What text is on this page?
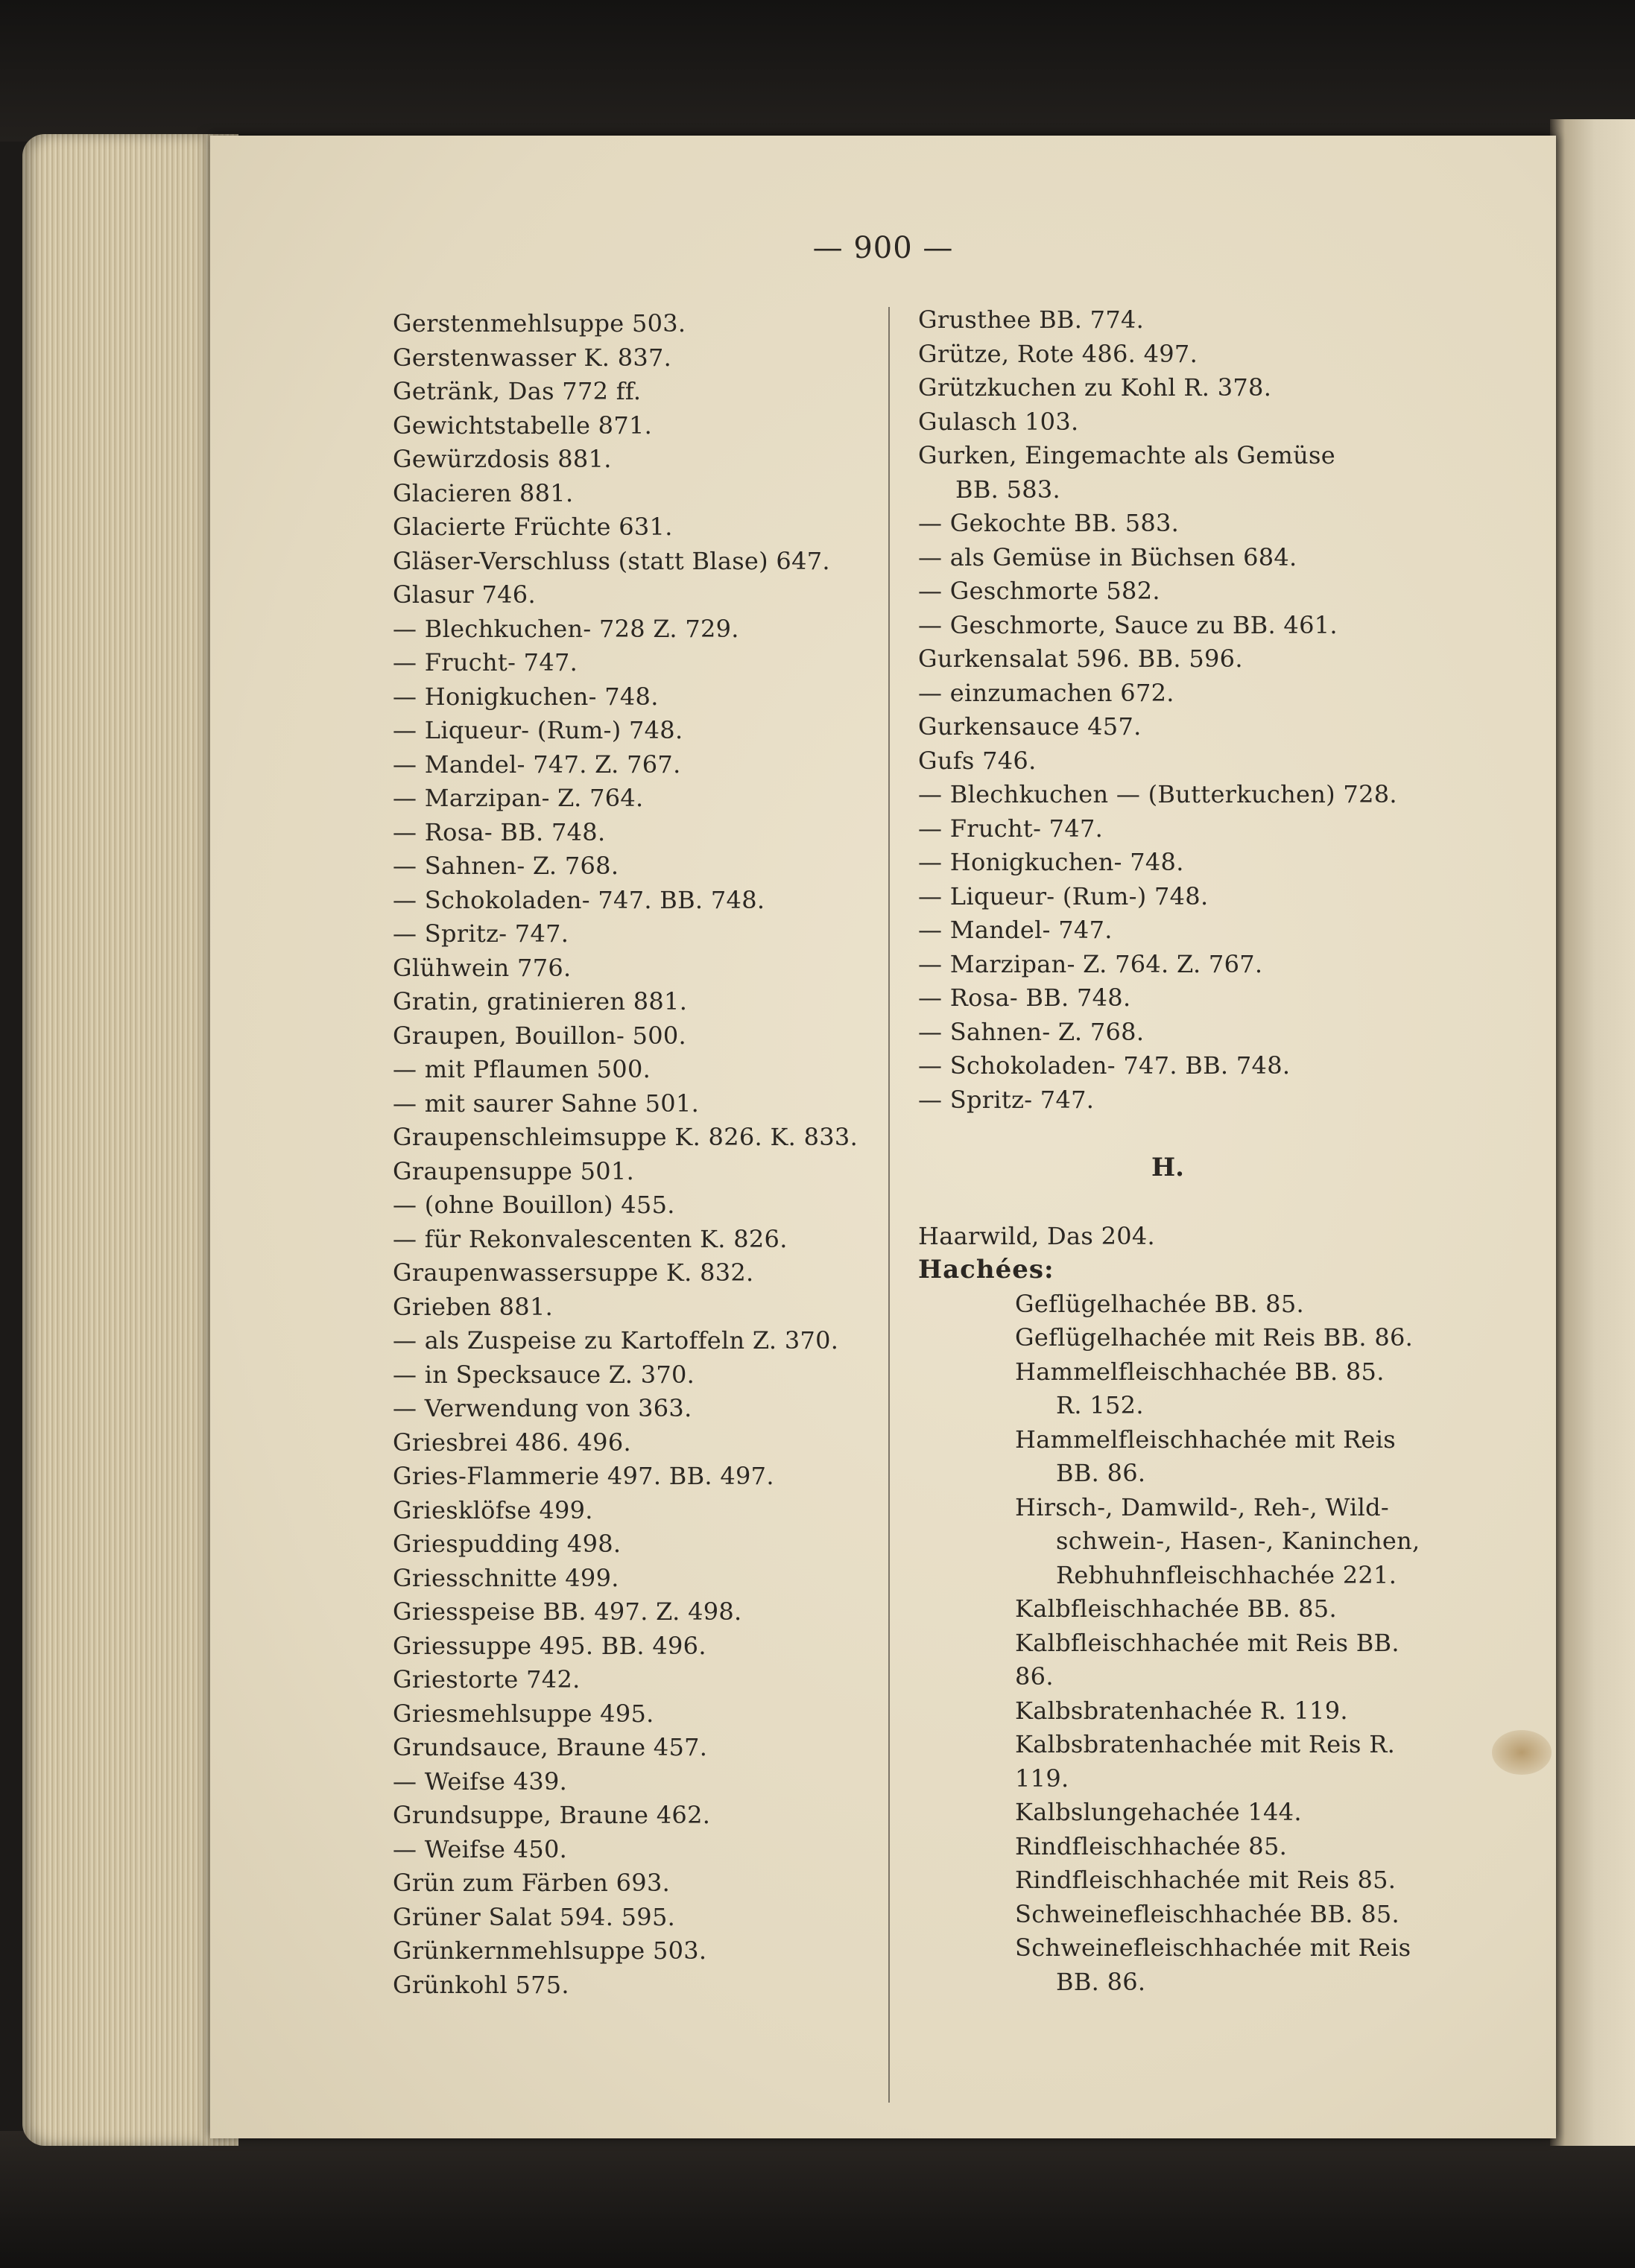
— 900 —
Gerstenmehlsuppe 503.
Gerstenwasser K. 837.
Getränk, Das 772 ff.
Gewichtstabelle 871.
Gewürzdosis 881.
Glacieren 881.
Glacierte Früchte 631.
Gläser-Verschluss (statt Blase) 647.
Glasur 746.
— Blechkuchen- 728 Z. 729.
— Frucht- 747.
— Honigkuchen- 748.
— Liqueur- (Rum-) 748.
— Mandel- 747. Z. 767.
— Marzipan- Z. 764.
— Rosa- BB. 748.
— Sahnen- Z. 768.
— Schokoladen- 747. BB. 748.
— Spritz- 747.
Glühwein 776.
Gratin, gratinieren 881.
Graupen, Bouillon- 500.
— mit Pflaumen 500.
— mit saurer Sahne 501.
Graupenschleimsuppe K. 826. K. 833.
Graupensuppe 501.
— (ohne Bouillon) 455.
— für Rekonvalescenten K. 826.
Graupenwassersuppe K. 832.
Grieben 881.
— als Zuspeise zu Kartoffeln Z. 370.
— in Specksauce Z. 370.
— Verwendung von 363.
Griesbrei 486. 496.
Gries-Flammerie 497. BB. 497.
Griesklöfse 499.
Griespudding 498.
Griesschnitte 499.
Griesspeise BB. 497. Z. 498.
Griessuppe 495. BB. 496.
Griestorte 742.
Griesmehlsuppe 495.
Grundsauce, Braune 457.
— Weifse 439.
Grundsuppe, Braune 462.
— Weifse 450.
Grün zum Färben 693.
Grüner Salat 594. 595.
Grünkernmehlsuppe 503.
Grünkohl 575.
Grusthee BB. 774.
Grütze, Rote 486. 497.
Grützkuchen zu Kohl R. 378.
Gulasch 103.
Gurken, Eingemachte als Gemüse
BB. 583.
— Gekochte BB. 583.
— als Gemüse in Büchsen 684.
— Geschmorte 582.
— Geschmorte, Sauce zu BB. 461.
Gurkensalat 596. BB. 596.
— einzumachen 672.
Gurkensauce 457.
Gufs 746.
— Blechkuchen — (Butterkuchen) 728.
— Frucht- 747.
— Honigkuchen- 748.
— Liqueur- (Rum-) 748.
— Mandel- 747.
— Marzipan- Z. 764. Z. 767.
— Rosa- BB. 748.
— Sahnen- Z. 768.
— Schokoladen- 747. BB. 748.
— Spritz- 747.
H.
Haarwild, Das 204.
Hachées:
Geflügelhachée BB. 85.
Geflügelhachée mit Reis BB. 86.
Hammelfleischhachée BB. 85.
R. 152.
Hammelfleischhachée mit Reis
BB. 86.
Hirsch-, Damwild-, Reh-, Wild-
schwein-, Hasen-, Kaninchen,
Rebhuhnfleischhachée 221.
Kalbfleischhachée BB. 85.
Kalbfleischhachée mit Reis BB.
86.
Kalbsbratenhachée R. 119.
Kalbsbratenhachée mit Reis R.
119.
Kalbslungehachée 144.
Rindfleischhachée 85.
Rindfleischhachée mit Reis 85.
Schweinefleischhachée BB. 85.
Schweinefleischhachée mit Reis
BB. 86.
